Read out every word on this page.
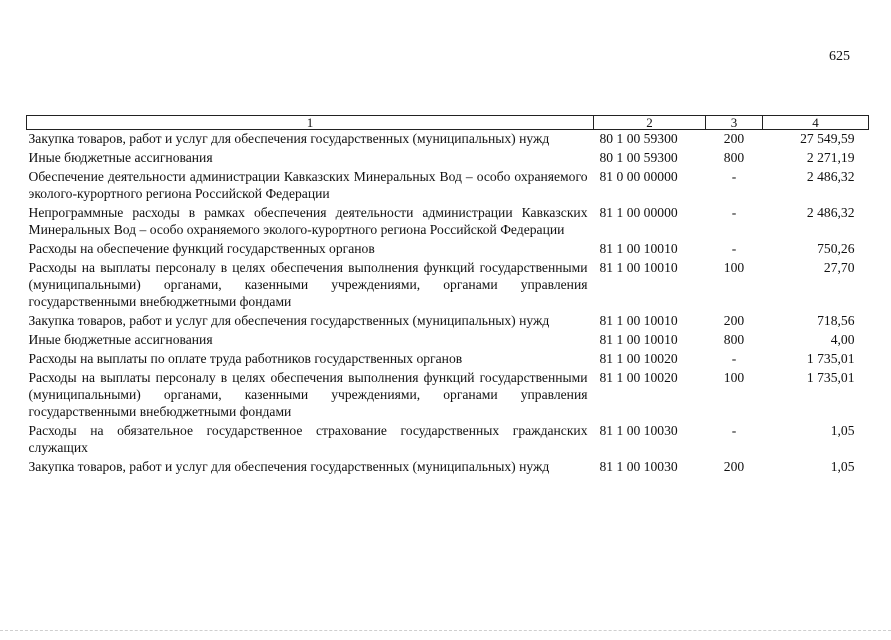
625
1	2	3	4
Закупка товаров, работ и услуг для обеспечения государственных (муниципальных) нужд	80 1 00 59300	200	27 549,59
Иные бюджетные ассигнования	80 1 00 59300	800	2 271,19
Обеспечение деятельности администрации Кавказских Минеральных Вод – особо охраняемого эколого-курортного региона Российской Федерации	81 0 00 00000	-	2 486,32
Непрограммные расходы в рамках обеспечения деятельности администрации Кавказских Минеральных Вод – особо охраняемого эколого-курортного региона Российской Федерации	81 1 00 00000	-	2 486,32
Расходы на обеспечение функций государственных органов	81 1 00 10010	-	750,26
Расходы на выплаты персоналу в целях обеспечения выполнения функций государственными (муниципальными) органами, казенными учреждениями, органами управления государственными внебюджетными фондами	81 1 00 10010	100	27,70
Закупка товаров, работ и услуг для обеспечения государственных (муниципальных) нужд	81 1 00 10010	200	718,56
Иные бюджетные ассигнования	81 1 00 10010	800	4,00
Расходы на выплаты по оплате труда работников государственных органов	81 1 00 10020	-	1 735,01
Расходы на выплаты персоналу в целях обеспечения выполнения функций государственными (муниципальными) органами, казенными учреждениями, органами управления государственными внебюджетными фондами	81 1 00 10020	100	1 735,01
Расходы на обязательное государственное страхование государственных гражданских служащих	81 1 00 10030	-	1,05
Закупка товаров, работ и услуг для обеспечения государственных (муниципальных) нужд	81 1 00 10030	200	1,05
